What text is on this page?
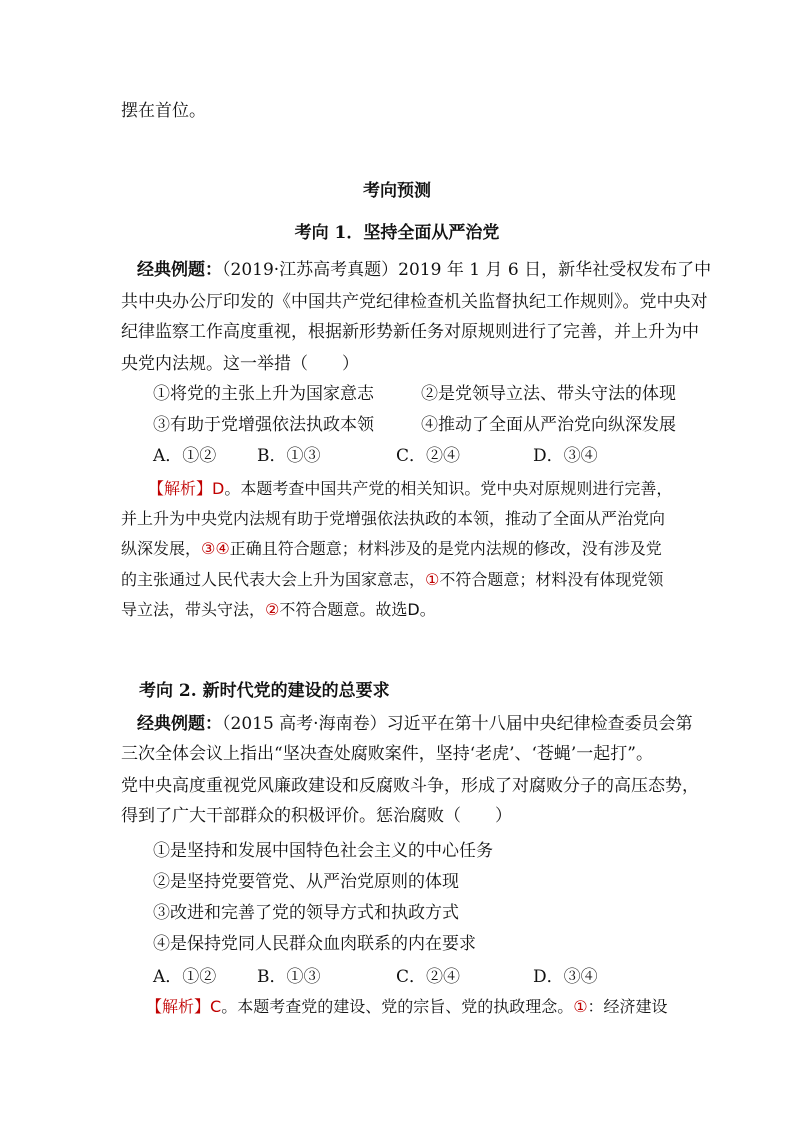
摆在首位。
考向预测
考向 1．坚持全面从严治党
经典例题：（2019·江苏高考真题）2019 年 1 月 6 日，新华社受权发布了中
共中央办公厅印发的《中国共产党纪律检查机关监督执纪工作规则》。党中央对
纪律监察工作高度重视，根据新形势新任务对原规则进行了完善，并上升为中
央党内法规。这一举措（　　）
①将党的主张上升为国家意志	②是党领导立法、带头守法的体现
③有助于党增强依法执政本领	④推动了全面从严治党向纵深发展
A．①② B．①③	C．②④	D．③④
【解析】D。本题考查中国共产党的相关知识。党中央对原规则进行完善，
并上升为中央党内法规有助于党增强依法执政的本领，推动了全面从严治党向
纵深发展，③④正确且符合题意；材料涉及的是党内法规的修改，没有涉及党
的主张通过人民代表大会上升为国家意志，①不符合题意；材料没有体现党领
导立法，带头守法，②不符合题意。故选D。
考向 2. 新时代党的建设的总要求
经典例题：（2015 高考·海南卷）习近平在第十八届中央纪律检查委员会第
三次全体会议上指出“坚决查处腐败案件，坚持‘老虎’、‘苍蝇’一起打”。
党中央高度重视党风廉政建设和反腐败斗争，形成了对腐败分子的高压态势，
得到了广大干部群众的积极评价。惩治腐败（　　）
①是坚持和发展中国特色社会主义的中心任务
②是坚持党要管党、从严治党原则的体现
③改进和完善了党的领导方式和执政方式
④是保持党同人民群众血肉联系的内在要求
A．①② B．①③	C．②④	D．③④
【解析】C。本题考查党的建设、党的宗旨、党的执政理念。①：经济建设
